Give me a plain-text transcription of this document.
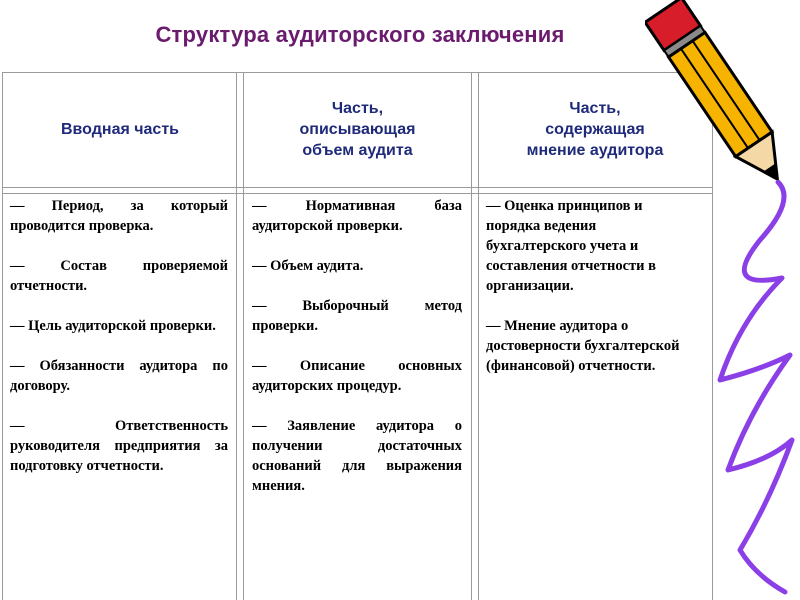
Структура аудиторского заключения
Вводная часть
Часть,
описывающая
объем аудита
Часть,
содержащая
мнение аудитора

— Период, за который проводится проверка.

— Состав проверяемой отчетности.

— Цель аудиторской проверки.

— Обязанности аудитора по договору.

— Ответственность руководителя предприятия за подготовку отчетности.

— Нормативная база аудиторской проверки.

— Объем аудита.

— Выборочный метод проверки.

— Описание основных аудиторских процедур.

— Заявление аудитора о получении достаточных оснований для выражения мнения.

— Оценка принципов и порядка ведения бухгалтерского учета и составления отчетности в организации.

— Мнение аудитора о достоверности бухгалтерской (финансовой) отчетности.
